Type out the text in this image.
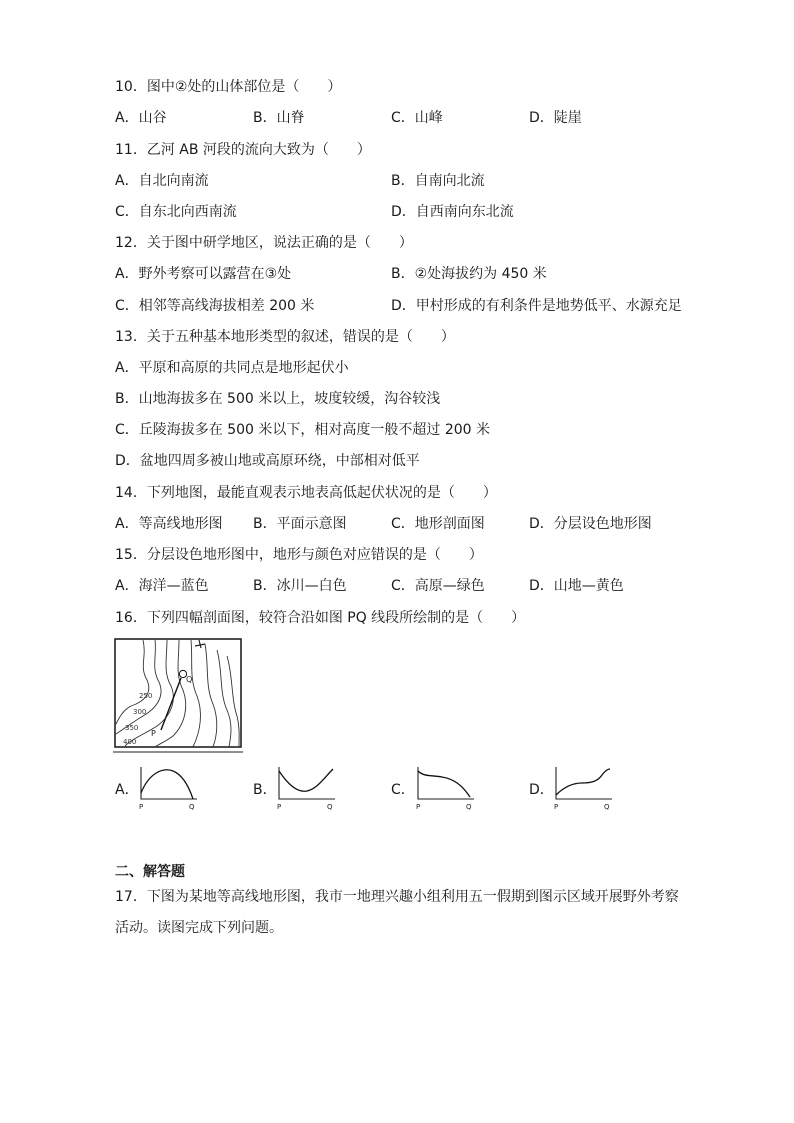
10．图中②处的山体部位是（　　）
A．山谷	B．山脊	C．山峰	D．陡崖
11．乙河 AB 河段的流向大致为（　　）
A．自北向南流	B．自南向北流
C．自东北向西南流	D．自西南向东北流
12．关于图中研学地区，说法正确的是（　　）
A．野外考察可以露营在③处	B．②处海拔约为 450 米
C．相邻等高线海拔相差 200 米	D．甲村形成的有利条件是地势低平、水源充足
13．关于五种基本地形类型的叙述，错误的是（　　）
A．平原和高原的共同点是地形起伏小
B．山地海拔多在 500 米以上，坡度较缓，沟谷较浅
C．丘陵海拔多在 500 米以下，相对高度一般不超过 200 米
D．盆地四周多被山地或高原环绕，中部相对低平
14．下列地图，最能直观表示地表高低起伏状况的是（　　）
A．等高线地形图 B．平面示意图	C．地形剖面图	D．分层设色地形图
15．分层设色地形图中，地形与颜色对应错误的是（　　）
A．海洋—蓝色	B．冰川—白色	C．高原—绿色	D．山地—黄色
16．下列四幅剖面图，较符合沿如图 PQ 线段所绘制的是（　　）
Q
P
250
300
350
400
A．
P	Q
B．
P	Q
C．
P	Q
D．
P	Q
二、解答题
17．下图为某地等高线地形图，我市一地理兴趣小组利用五一假期到图示区域开展野外考察
活动。读图完成下列问题。
